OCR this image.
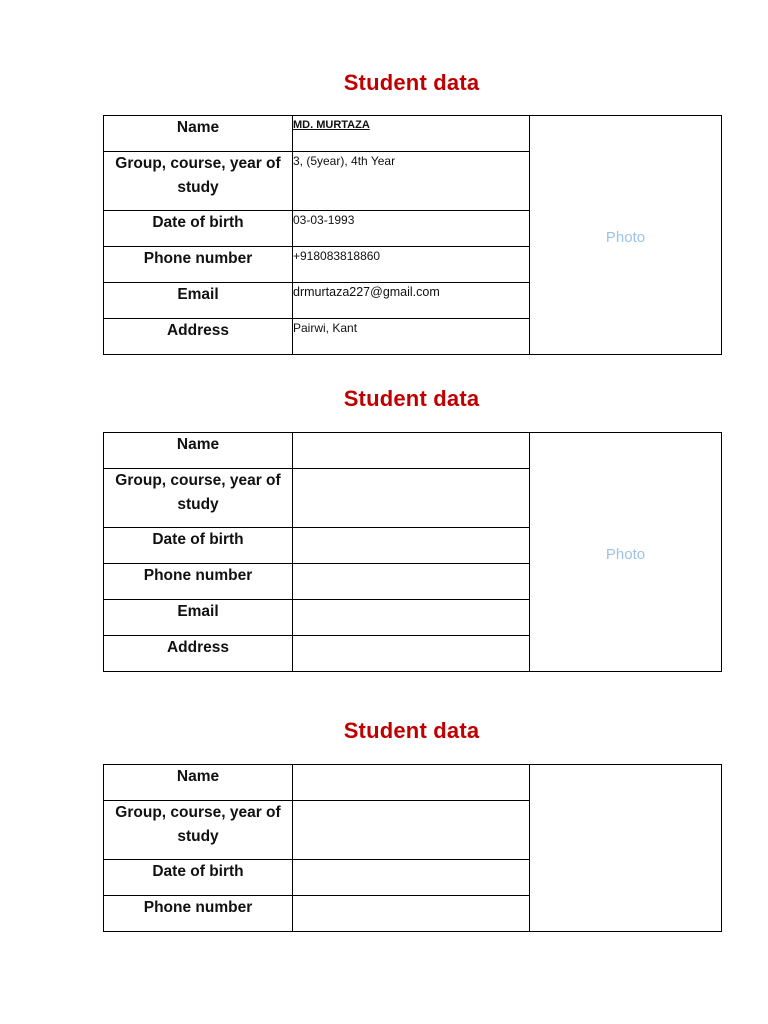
Student data
Name	MD. MURTAZA	Photo

Group, course, year of study	3, (5year), 4th Year	

Date of birth	03-03-1993	

Phone number	+918083818860	

Email	drmurtaza227@gmail.com	

Address	Pairwi, Kant	
Student data
Name		Photo

Group, course, year of study		

Date of birth		

Phone number		

Email		

Address		

Student data
Name		

Group, course, year of study		

Date of birth		

Phone number		
